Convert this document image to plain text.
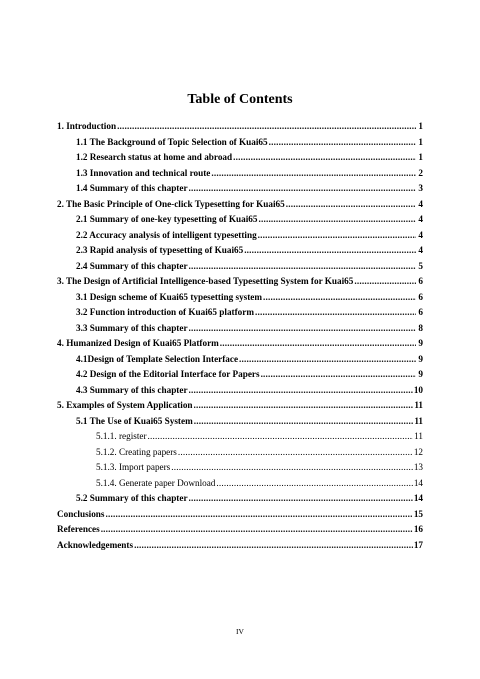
Table of Contents
1. Introduction .....	1
1.1 The Background of Topic Selection of Kuai65 .....	1
1.2 Research status at home and abroad .....	1
1.3 Innovation and technical route .....	2
1.4 Summary of this chapter .....	3
2. The Basic Principle of One-click Typesetting for Kuai65 .....	4
2.1 Summary of one-key typesetting of Kuai65 .....	4
2.2 Accuracy analysis of intelligent typesetting .....	4
2.3 Rapid analysis of typesetting of Kuai65 .....	4
2.4 Summary of this chapter .....	5
3. The Design of Artificial Intelligence-based Typesetting System for Kuai65 .....	6
3.1 Design scheme of Kuai65 typesetting system .....	6
3.2 Function introduction of Kuai65 platform .....	6
3.3 Summary of this chapter .....	8
4. Humanized Design of Kuai65 Platform .....	9
4.1Design of Template Selection Interface .....	9
4.2 Design of the Editorial Interface for Papers .....	9
4.3 Summary of this chapter .....	10
5. Examples of System Application .....	11
5.1 The Use of Kuai65 System .....	11
5.1.1. register .....	11
5.1.2. Creating papers .....	12
5.1.3. Import papers .....	13
5.1.4. Generate paper Download .....	14
5.2 Summary of this chapter .....	14
Conclusions .....	15
References .....	16
Acknowledgements .....	17
IV
